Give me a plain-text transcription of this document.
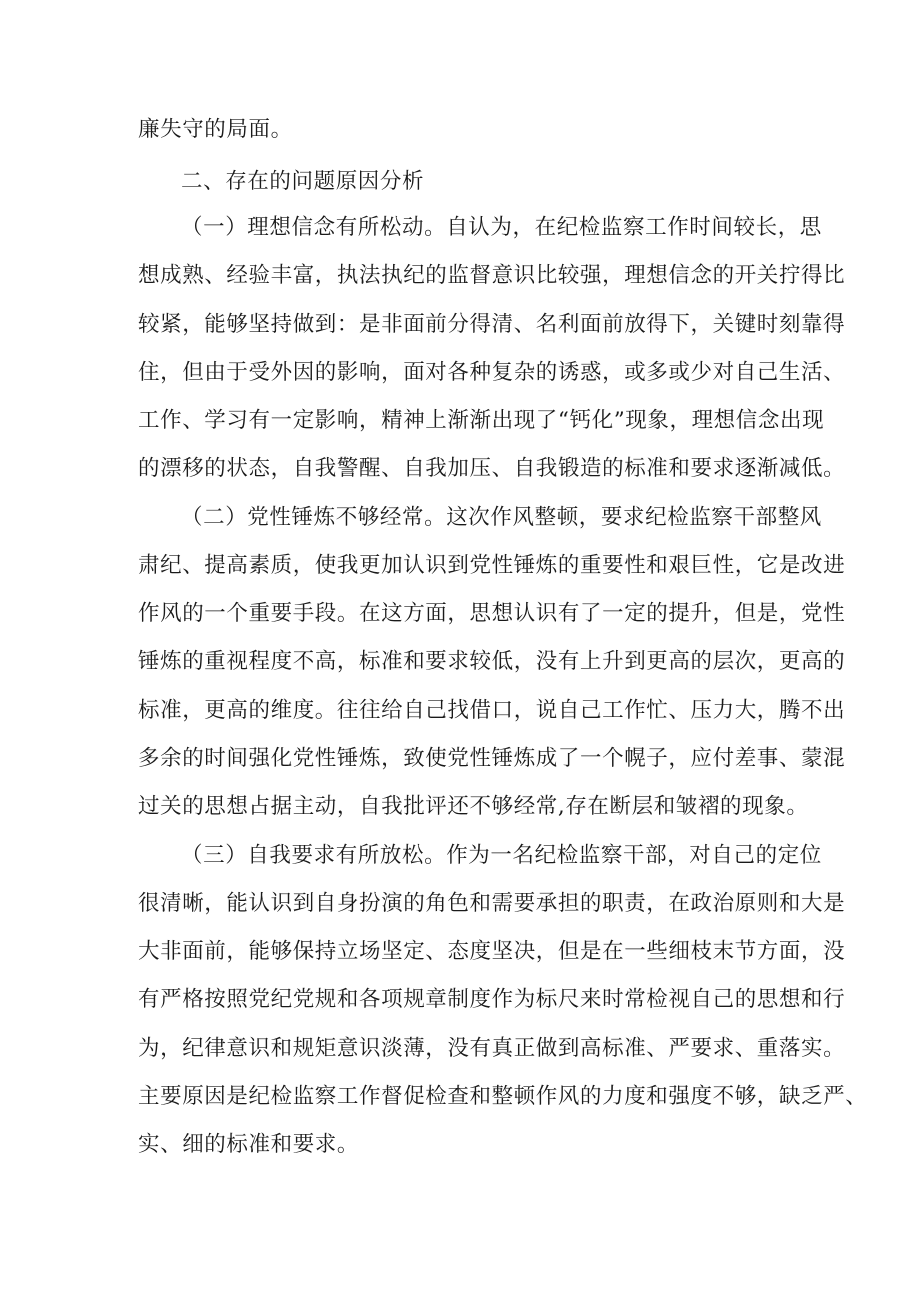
廉失守的局面。
二、存在的问题原因分析
（一）理想信念有所松动。自认为，在纪检监察工作时间较长，思
想成熟、经验丰富，执法执纪的监督意识比较强，理想信念的开关拧得比
较紧，能够坚持做到：是非面前分得清、名利面前放得下，关键时刻靠得
住，但由于受外因的影响，面对各种复杂的诱惑，或多或少对自己生活、
工作、学习有一定影响，精神上渐渐出现了“钙化”现象，理想信念出现
的漂移的状态，自我警醒、自我加压、自我锻造的标准和要求逐渐减低。
（二）党性锤炼不够经常。这次作风整顿，要求纪检监察干部整风
肃纪、提高素质，使我更加认识到党性锤炼的重要性和艰巨性，它是改进
作风的一个重要手段。在这方面，思想认识有了一定的提升，但是，党性
锤炼的重视程度不高，标准和要求较低，没有上升到更高的层次，更高的
标准，更高的维度。往往给自己找借口，说自己工作忙、压力大，腾不出
多余的时间强化党性锤炼，致使党性锤炼成了一个幌子，应付差事、蒙混
过关的思想占据主动，自我批评还不够经常,存在断层和皱褶的现象。
（三）自我要求有所放松。作为一名纪检监察干部，对自己的定位
很清晰，能认识到自身扮演的角色和需要承担的职责，在政治原则和大是
大非面前，能够保持立场坚定、态度坚决，但是在一些细枝末节方面，没
有严格按照党纪党规和各项规章制度作为标尺来时常检视自己的思想和行
为，纪律意识和规矩意识淡薄，没有真正做到高标准、严要求、重落实。
主要原因是纪检监察工作督促检查和整顿作风的力度和强度不够，缺乏严、
实、细的标准和要求。
